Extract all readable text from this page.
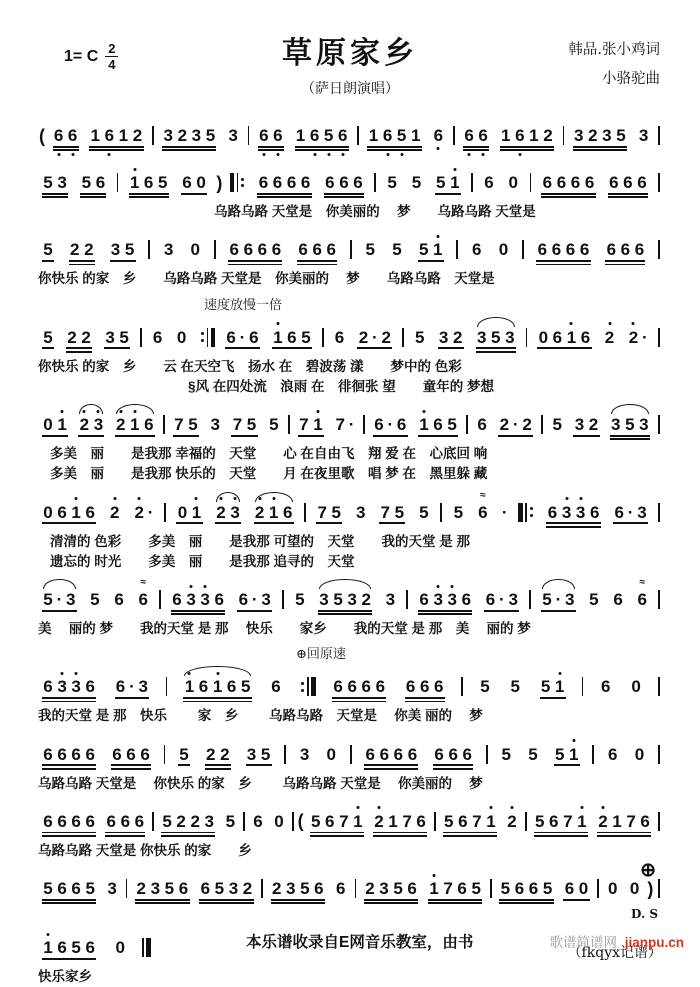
1= C $\frac{2}{4}$	草原家乡
（萨日朗演唱）
韩品.张小鸡词
小骆驼曲
( 6 6 1 6 1 2 3 2 3 5 3 6 6 1 6 5 6 1 6 5 1 6 6 6 1 6 1 2 3 2 3 5 3
5 3 5 6 1 6 5 6 0 ) 6 6 6 6 6 6 6 5 5 5 1 6 0 6 6 6 6 6 6 6
乌路乌路 天堂是　你美丽的　 梦　　乌路乌路 天堂是
5 2 2 3 5 3 0 6 6 6 6 6 6 6 5 5 5 1 6 0 6 6 6 6 6 6 6
你快乐 的家　乡　　乌路乌路 天堂是　你美丽的　 梦　　乌路乌路　天堂是
速度放慢一倍
5 2 2 3 5 6 0 6 · 6 1 6 5 6 2 · 2 5 3 2 3 5 3 0 6 1 6 2 2 ·
你快乐 的家　乡　　云 在天空飞　扬水 在　碧波荡 漾　　梦中的 色彩
§风 在四处流　浪雨 在　徘徊张 望　　童年的 梦想
0 1 2 3 2 1 6 7 5 3 7 5 5 7 1 7 · 6 · 6 1 6 5 6 2 · 2 5 3 2 3 5 3
多美　丽　　是我那 幸福的　天堂　　心 在自由飞　翔 爱 在　心底回 响
多美　丽　　是我那 快乐的　天堂　　月 在夜里歌　唱 梦 在　黑里躲 藏
0 6 1 6 2 2 · 0 1 2 3 2 1 6 7 5 3 7 5 5 5 6
≈
· 6 3 3 6 6 · 3
清清的 色彩　　多美　丽　　是我那 可望的　天堂　　我的天堂 是 那
遗忘的 时光　　多美　丽　　是我那 追寻的　天堂
5 · 3 5 6 6
≈
6 3 3 6 6 · 3 5 3 5 3 2 3 6 3 3 6 6 · 3 5 · 3 5 6 6
≈
美　 丽的 梦　　我的天堂 是 那　 快乐　　家乡　　我的天堂 是 那　美　 丽的 梦
⊕回原速
6 3 3 6 6 · 3 1 6 1 6 5 6	6 6 6 6 6 6 6 5 5 5 1 6 0
我的天堂 是 那　快乐　　 家　乡　　 乌路乌路　天堂是　 你美 丽的　 梦
6 6 6 6 6 6 6 5 2 2 3 5 3 0 6 6 6 6 6 6 6 5 5 5 1 6 0
乌路乌路 天堂是　 你快乐 的家　乡　　 乌路乌路 天堂是　 你美丽的　 梦
6 6 6 6 6 6 6 5 2 2 3 5 6 0 ( 5 6 7 1 2 1 7 6 5 6 7 1 2 5 6 7 1 2 1 7 6
乌路乌路 天堂是 你快乐 的家　　乡
5 6 6 5 3 2 3 5 6 6 5 3 2 2 3 5 6 6 2 3 5 6 1 7 6 5 5 6 6 5 6 0 0 0 )
⊕
D. S
1 6 5 6 0
快乐家乡
（fkqyx记谱）
本乐谱收录自E网音乐教室，由书	歌谱简谱网 jianpu.cn
